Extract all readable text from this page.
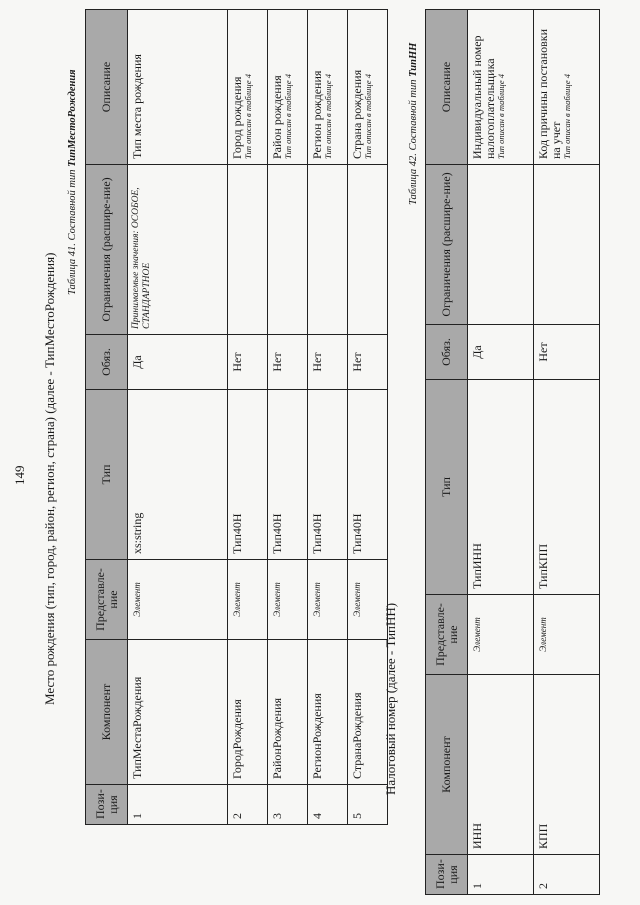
149 Место рождения (тип, город, район, регион, страна) (далее - ТипМестоРождения)
Таблица 41. Составной тип ТипМестоРождения
Пози-ция	Компонент	Представле-ние	Тип	Обяз.	Ограничения (расшире-ние)	Описание
1	ТипМестаРождения	Элемент	xs:string	Да	Принимаемые значения: ОСОБОЕ, СТАНДАРТНОЕ	Тип места рождения
2	ГородРождения	Элемент	Тип40Н	Нет		Город рождения Тип описан в таблице 4

3	РайонРождения	Элемент	Тип40Н	Нет		Район рождения Тип описан в таблице 4

4	РегионРождения	Элемент	Тип40Н	Нет		Регион рождения Тип описан в таблице 4

5	СтранаРождения	Элемент	Тип40Н	Нет		Страна рождения Тип описан в таблице 4
Налоговый номер (далее - ТипНН)
Таблица 42. Составной тип ТипНН
Пози-ция	Компонент	Представле-ние	Тип	Обяз.	Ограничения (расшире-ние)	Описание
1	ИНН	Элемент	ТипИНН	Да		Индивидуальный номер налогоплательщика Тип описан в таблице 4

2	КПП	Элемент	ТипКПП	Нет		Код причины постановки на учет Тип описан в таблице 4
